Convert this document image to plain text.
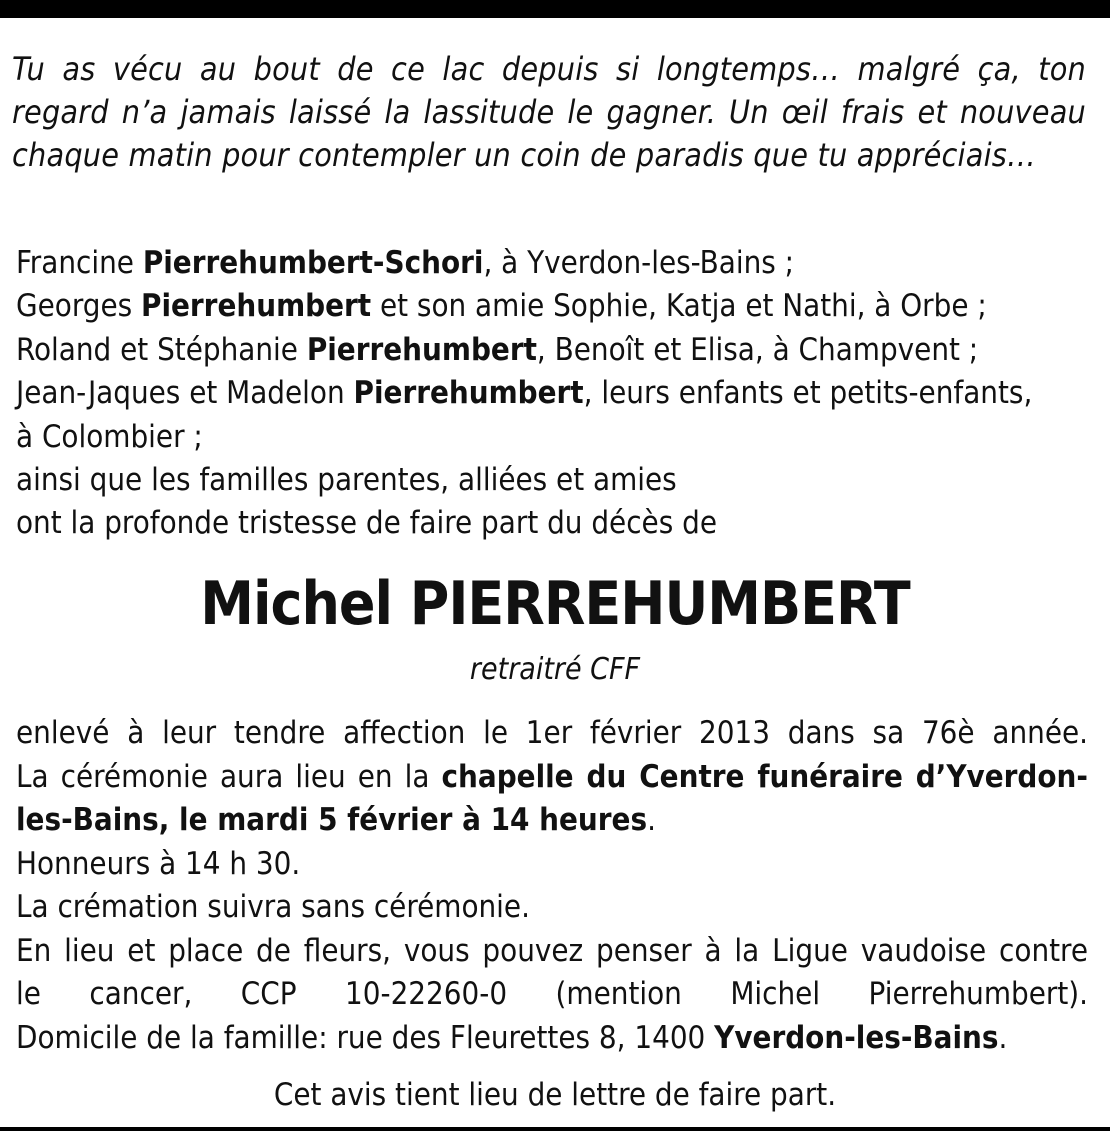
Tu as vécu au bout de ce lac depuis si longtemps… malgré ça, ton regard n’a jamais laissé la lassitude le gagner. Un œil frais et nouveau chaque matin pour contempler un coin de paradis que tu appréciais…
Francine Pierrehumbert-Schori, à Yverdon-les-Bains ;
Georges Pierrehumbert et son amie Sophie, Katja et Nathi, à Orbe ;
Roland et Stéphanie Pierrehumbert, Benoît et Elisa, à Champvent ;
Jean-Jaques et Madelon Pierrehumbert, leurs enfants et petits-enfants,
à Colombier ;
ainsi que les familles parentes, alliées et amies
ont la profonde tristesse de faire part du décès de
Michel PIERREHUMBERT
retraitré CFF
enlevé à leur tendre affection le 1er février 2013 dans sa 76è année.
La cérémonie aura lieu en la chapelle du Centre funéraire d’Yverdon-
les-Bains, le mardi 5 février à 14 heures.
Honneurs à 14 h 30.
La crémation suivra sans cérémonie.
En lieu et place de fleurs, vous pouvez penser à la Ligue vaudoise contre
le cancer, CCP 10-22260-0 (mention Michel Pierrehumbert).
Domicile de la famille: rue des Fleurettes 8, 1400 Yverdon-les-Bains.
Cet avis tient lieu de lettre de faire part.
